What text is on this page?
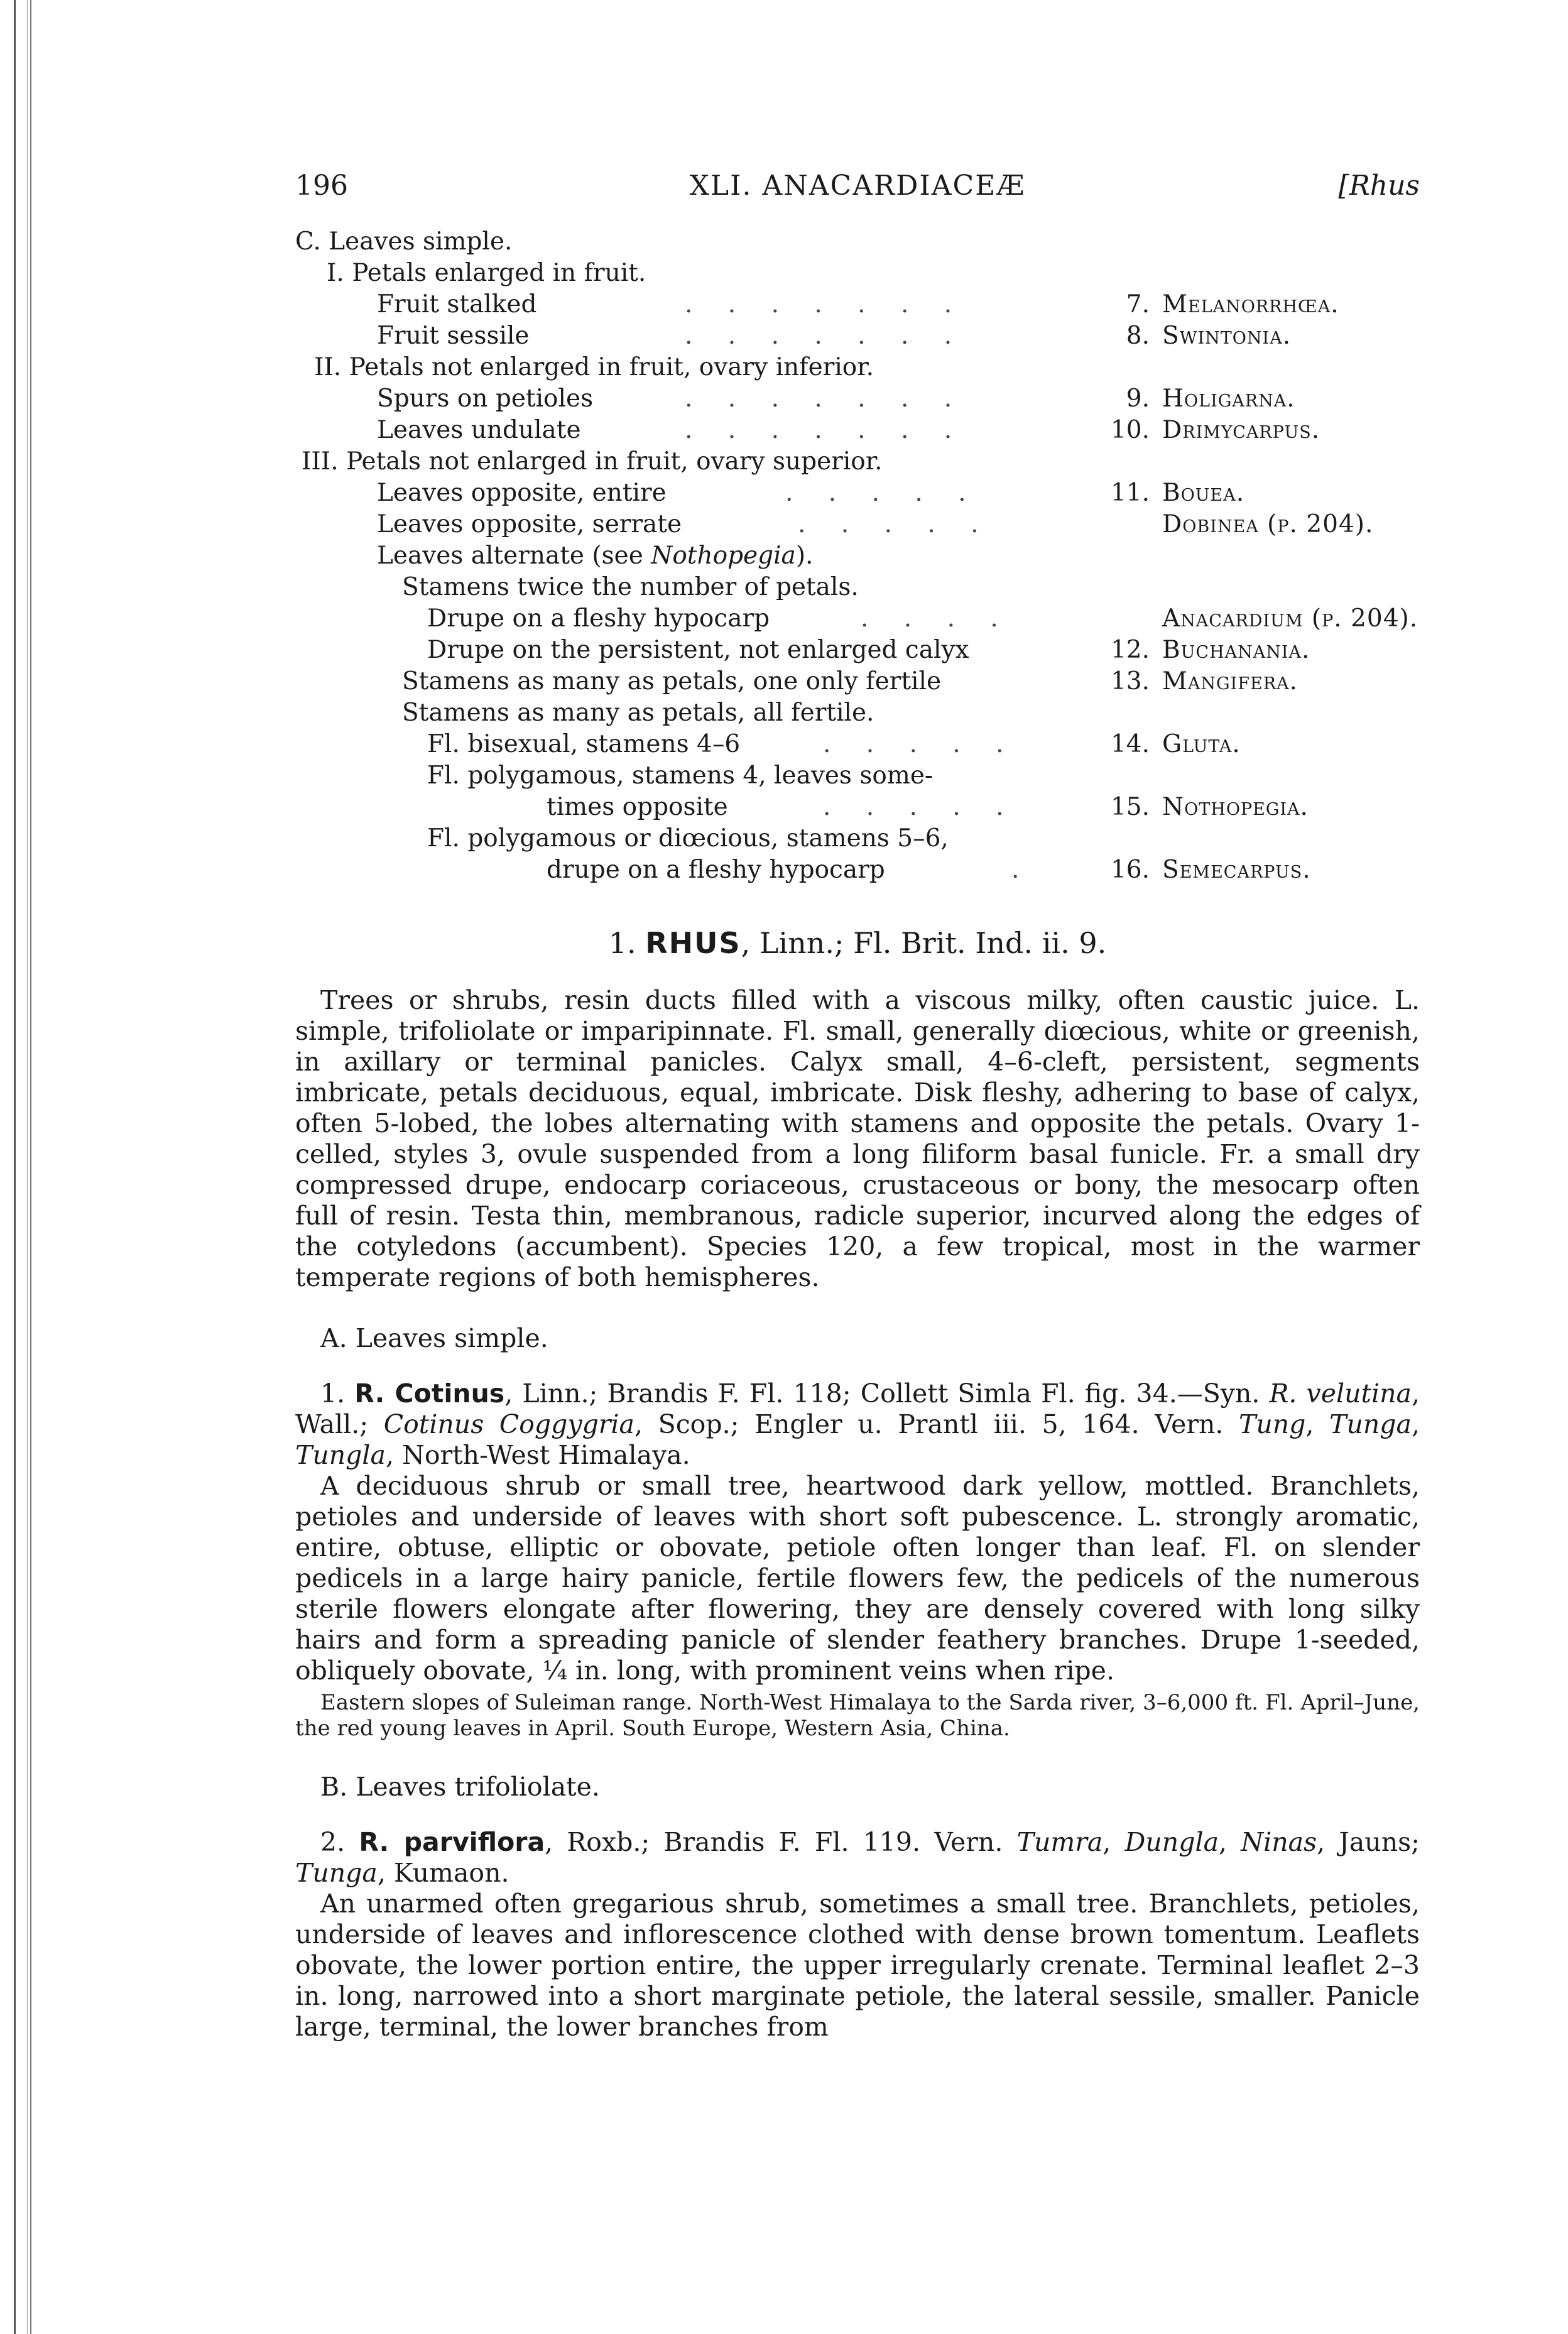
196	XLI. ANACARDIACEÆ	[Rhus
C. Leaves simple.
I. Petals enlarged in fruit.
Fruit stalked	. . . . . . .	7. Melanorrhœa.
Fruit sessile	. . . . . . .	8. Swintonia.
II. Petals not enlarged in fruit, ovary inferior.
Spurs on petioles	. . . . . . .	9. Holigarna.
Leaves undulate	. . . . . . .	10. Drimycarpus.
III. Petals not enlarged in fruit, ovary superior.
Leaves opposite, entire	. . . . .	11. Bouea.
Leaves opposite, serrate	. . . . .	Dobinea (p. 204).
Leaves alternate (see Nothopegia).
Stamens twice the number of petals.
Drupe on a fleshy hypocarp	. . . .	Anacardium (p. 204).
Drupe on the persistent, not enlarged calyx	12. Buchanania.
Stamens as many as petals, one only fertile	13. Mangifera.
Stamens as many as petals, all fertile.
Fl. bisexual, stamens 4–6	. . . . .	14. Gluta.
Fl. polygamous, stamens 4, leaves some-
times opposite	. . . . .	15. Nothopegia.
Fl. polygamous or diœcious, stamens 5–6,
drupe on a fleshy hypocarp	.	16. Semecarpus.
1. RHUS, Linn.; Fl. Brit. Ind. ii. 9.

Trees or shrubs, resin ducts filled with a viscous milky, often caustic juice. L. simple, trifoliolate or imparipinnate. Fl. small, generally diœcious, white or greenish, in axillary or terminal panicles. Calyx small, 4–6-cleft, persistent, segments imbricate, petals deciduous, equal, imbricate. Disk fleshy, adhering to base of calyx, often 5-lobed, the lobes alternating with stamens and opposite the petals. Ovary 1-celled, styles 3, ovule suspended from a long filiform basal funicle. Fr. a small dry compressed drupe, endocarp coriaceous, crustaceous or bony, the mesocarp often full of resin. Testa thin, membranous, radicle superior, incurved along the edges of the cotyledons (accumbent). Species 120, a few tropical, most in the warmer temperate regions of both hemispheres.

A. Leaves simple.

1. R. Cotinus, Linn.; Brandis F. Fl. 118; Collett Simla Fl. fig. 34.—Syn. R. velutina, Wall.; Cotinus Coggygria, Scop.; Engler u. Prantl iii. 5, 164. Vern. Tung, Tunga, Tungla, North-West Himalaya.

A deciduous shrub or small tree, heartwood dark yellow, mottled. Branchlets, petioles and underside of leaves with short soft pubescence. L. strongly aromatic, entire, obtuse, elliptic or obovate, petiole often longer than leaf. Fl. on slender pedicels in a large hairy panicle, fertile flowers few, the pedicels of the numerous sterile flowers elongate after flowering, they are densely covered with long silky hairs and form a spreading panicle of slender feathery branches. Drupe 1-seeded, obliquely obovate, ¼ in. long, with prominent veins when ripe.

Eastern slopes of Suleiman range. North-West Himalaya to the Sarda river, 3–6,000 ft. Fl. April–June, the red young leaves in April. South Europe, Western Asia, China.

B. Leaves trifoliolate.

2. R. parviflora, Roxb.; Brandis F. Fl. 119. Vern. Tumra, Dungla, Ninas, Jauns; Tunga, Kumaon.

An unarmed often gregarious shrub, sometimes a small tree. Branchlets, petioles, underside of leaves and inflorescence clothed with dense brown tomentum. Leaflets obovate, the lower portion entire, the upper irregularly crenate. Terminal leaflet 2–3 in. long, narrowed into a short marginate petiole, the lateral sessile, smaller. Panicle large, terminal, the lower branches from
